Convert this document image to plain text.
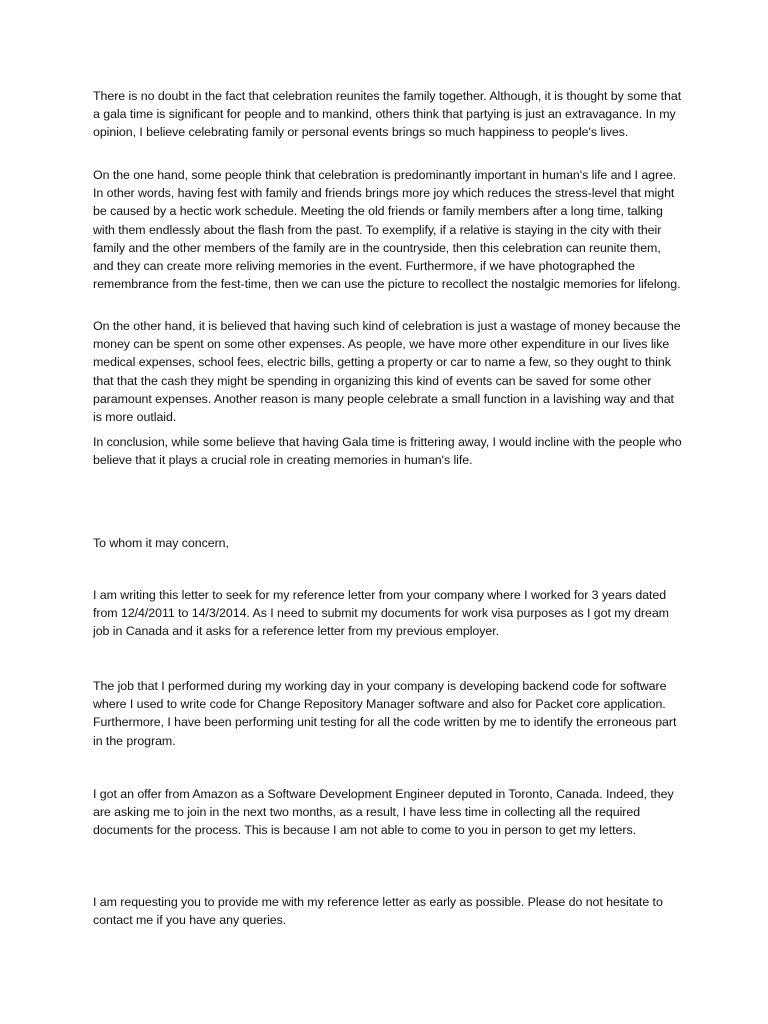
There is no doubt in the fact that celebration reunites the family together. Although, it is thought by some that a gala time is significant for people and to mankind, others think that partying is just an extravagance. In my opinion, I believe celebrating family or personal events brings so much happiness to people's lives.

On the one hand, some people think that celebration is predominantly important in human's life and I agree. In other words, having fest with family and friends brings more joy which reduces the stress-level that might be caused by a hectic work schedule. Meeting the old friends or family members after a long time, talking with them endlessly about the flash from the past. To exemplify, if a relative is staying in the city with their family and the other members of the family are in the countryside, then this celebration can reunite them, and they can create more reliving memories in the event. Furthermore, if we have photographed the remembrance from the fest-time, then we can use the picture to recollect the nostalgic memories for lifelong.

On the other hand, it is believed that having such kind of celebration is just a wastage of money because the money can be spent on some other expenses. As people, we have more other expenditure in our lives like medical expenses, school fees, electric bills, getting a property or car to name a few, so they ought to think that that the cash they might be spending in organizing this kind of events can be saved for some other paramount expenses. Another reason is many people celebrate a small function in a lavishing way and that is more outlaid.

In conclusion, while some believe that having Gala time is frittering away, I would incline with the people who believe that it plays a crucial role in creating memories in human's life.

To whom it may concern,

I am writing this letter to seek for my reference letter from your company where I worked for 3 years dated from 12/4/2011 to 14/3/2014. As I need to submit my documents for work visa purposes as I got my dream job in Canada and it asks for a reference letter from my previous employer.

The job that I performed during my working day in your company is developing backend code for software where I used to write code for Change Repository Manager software and also for Packet core application. Furthermore, I have been performing unit testing for all the code written by me to identify the erroneous part in the program.

I got an offer from Amazon as a Software Development Engineer deputed in Toronto, Canada. Indeed, they are asking me to join in the next two months, as a result, I have less time in collecting all the required documents for the process. This is because I am not able to come to you in person to get my letters.

I am requesting you to provide me with my reference letter as early as possible. Please do not hesitate to contact me if you have any queries.
